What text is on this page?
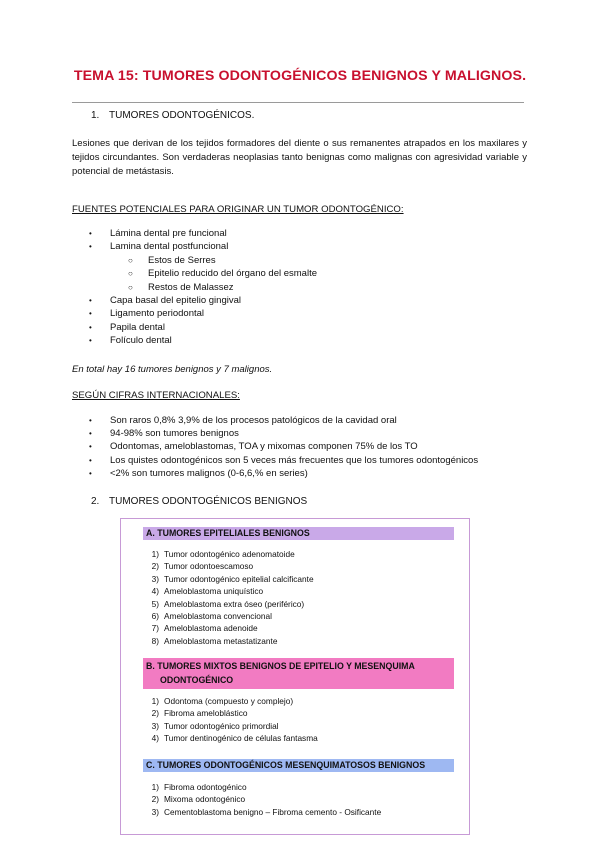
TEMA 15: TUMORES ODONTOGÉNICOS BENIGNOS Y MALIGNOS.
1. TUMORES ODONTOGÉNICOS.
Lesiones que derivan de los tejidos formadores del diente o sus remanentes atrapados en los maxilares y tejidos circundantes. Son verdaderas neoplasias tanto benignas como malignas con agresividad variable y potencial de metástasis.
FUENTES POTENCIALES PARA ORIGINAR UN TUMOR ODONTOGÉNICO:
• Lámina dental pre funcional
• Lamina dental postfuncional
○ Estos de Serres
○ Epitelio reducido del órgano del esmalte
○ Restos de Malassez
• Capa basal del epitelio gingival
• Ligamento periodontal
• Papila dental
• Folículo dental
En total hay 16 tumores benignos y 7 malignos.
SEGÚN CIFRAS INTERNACIONALES:
• Son raros 0,8% 3,9% de los procesos patológicos de la cavidad oral
• 94-98% son tumores benignos
• Odontomas, ameloblastomas, TOA y mixomas componen 75% de los TO
• Los quistes odontogénicos son 5 veces más frecuentes que los tumores odontogénicos
• <2% son tumores malignos (0-6,6,% en series)
2. TUMORES ODONTOGÉNICOS BENIGNOS
A. TUMORES EPITELIALES BENIGNOS
1) Tumor odontogénico adenomatoide
2) Tumor odontoescamoso
3) Tumor odontogénico epitelial calcificante
4) Ameloblastoma uniquístico
5) Ameloblastoma extra óseo (periférico)
6) Ameloblastoma convencional
7) Ameloblastoma adenoide
8) Ameloblastoma metastatizante
B. TUMORES MIXTOS BENIGNOS DE EPITELIO Y MESENQUIMA
ODONTOGÉNICO
1) Odontoma (compuesto y complejo)
2) Fibroma ameloblástico
3) Tumor odontogénico primordial
4) Tumor dentinogénico de células fantasma
C. TUMORES ODONTOGÉNICOS MESENQUIMATOSOS BENIGNOS
1) Fibroma odontogénico
2) Mixoma odontogénico
3) Cementoblastoma benigno – Fibroma cemento - Osificante
